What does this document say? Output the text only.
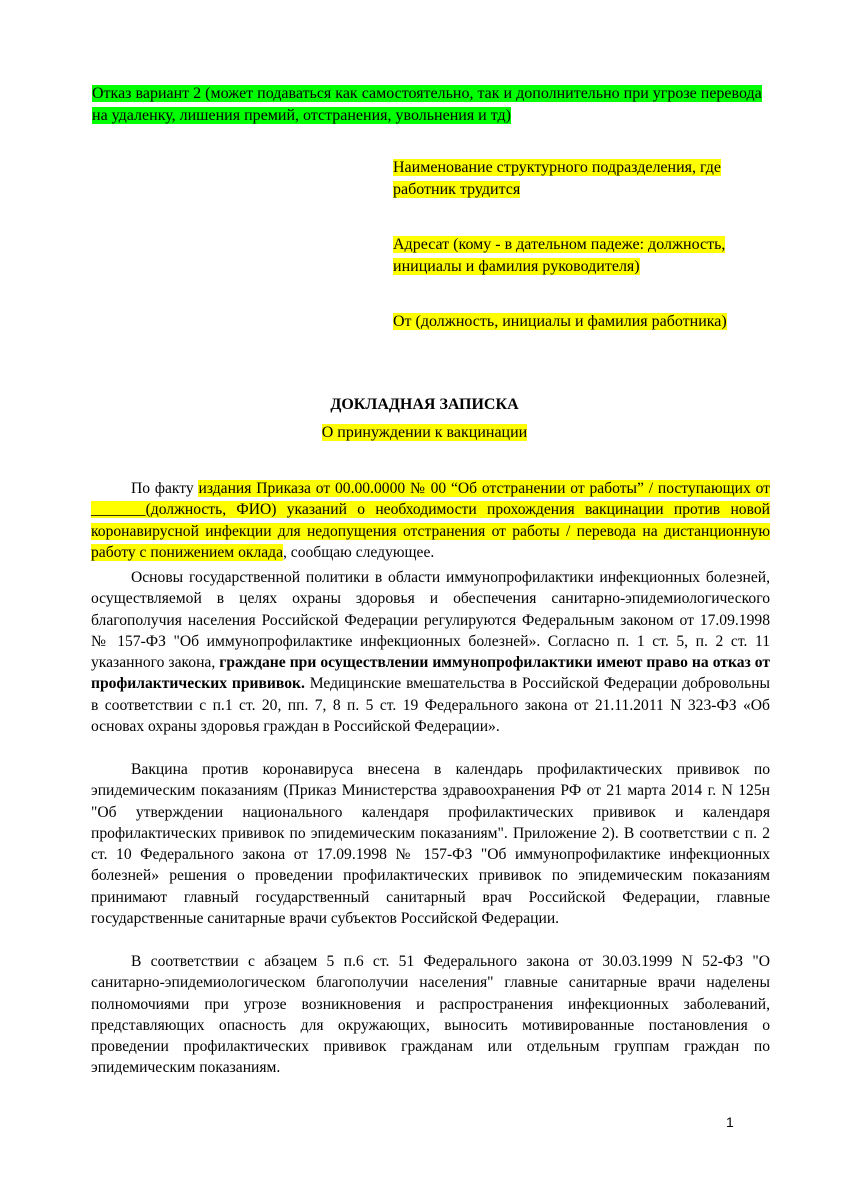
Отказ вариант 2 (может подаваться как самостоятельно, так и дополнительно при угрозе перевода на удаленку, лишения премий, отстранения, увольнения и тд)
Наименование структурного подразделения, где работник трудится
Адресат (кому - в дательном падеже: должность, инициалы и фамилия руководителя)
От (должность, инициалы и фамилия работника)
ДОКЛАДНАЯ ЗАПИСКА
О принуждении к вакцинации

По факту издания Приказа от 00.00.0000 № 00 “Об отстранении от работы” / поступающих от _______(должность, ФИО) указаний о необходимости прохождения вакцинации против новой коронавирусной инфекции для недопущения отстранения от работы / перевода на дистанционную работу с понижением оклада, сообщаю следующее.

Основы государственной политики в области иммунопрофилактики инфекционных болезней, осуществляемой в целях охраны здоровья и обеспечения санитарно-эпидемиологического благополучия населения Российской Федерации регулируются Федеральным законом от 17.09.1998 № 157-ФЗ "Об иммунопрофилактике инфекционных болезней». Согласно п. 1 ст. 5, п. 2 ст. 11 указанного закона, граждане при осуществлении иммунопрофилактики имеют право на отказ от профилактических прививок. Медицинские вмешательства в Российской Федерации добровольны в соответствии с п.1 ст. 20, пп. 7, 8 п. 5 ст. 19 Федерального закона от 21.11.2011 N 323-ФЗ «Об основах охраны здоровья граждан в Российской Федерации».

Вакцина против коронавируса внесена в календарь профилактических прививок по эпидемическим показаниям (Приказ Министерства здравоохранения РФ от 21 марта 2014 г. N 125н "Об утверждении национального календаря профилактических прививок и календаря профилактических прививок по эпидемическим показаниям". Приложение 2). В соответствии с п. 2 ст. 10 Федерального закона от 17.09.1998 № 157-ФЗ "Об иммунопрофилактике инфекционных болезней» решения о проведении профилактических прививок по эпидемическим показаниям принимают главный государственный санитарный врач Российской Федерации, главные государственные санитарные врачи субъектов Российской Федерации.

В соответствии с абзацем 5 п.6 ст. 51 Федерального закона от 30.03.1999 N 52-ФЗ "О санитарно-эпидемиологическом благополучии населения" главные санитарные врачи наделены полномочиями при угрозе возникновения и распространения инфекционных заболеваний, представляющих опасность для окружающих, выносить мотивированные постановления о проведении профилактических прививок гражданам или отдельным группам граждан по эпидемическим показаниям.

1
